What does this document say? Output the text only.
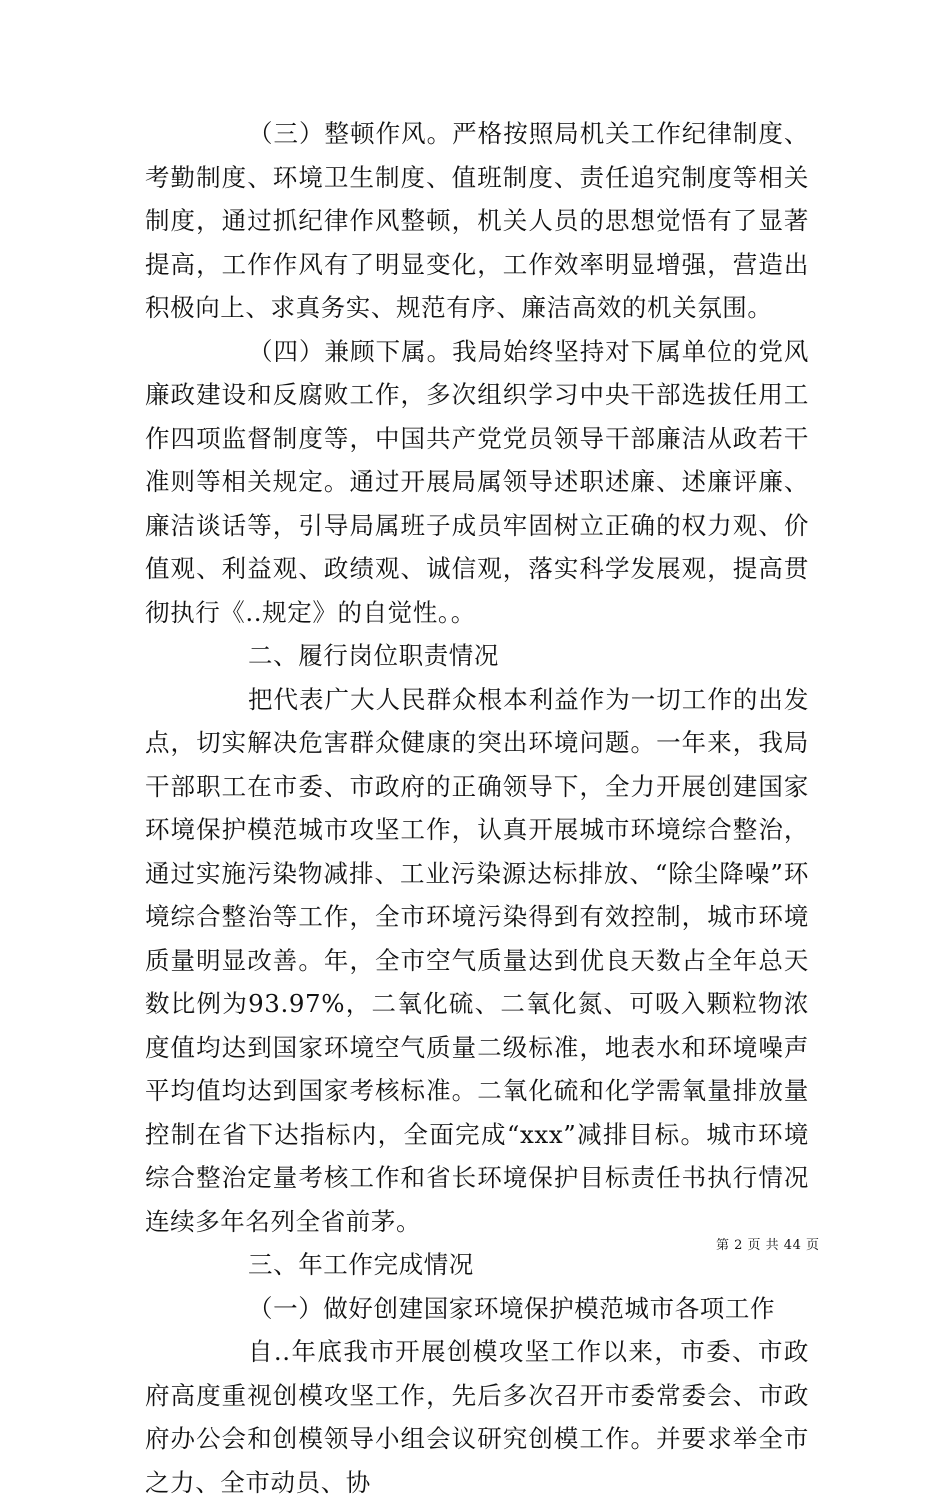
（三）整顿作风。严格按照局机关工作纪律制度、考勤制度、环境卫生制度、值班制度、责任追究制度等相关制度，通过抓纪律作风整顿，机关人员的思想觉悟有了显著提高，工作作风有了明显变化，工作效率明显增强，营造出积极向上、求真务实、规范有序、廉洁高效的机关氛围。

（四）兼顾下属。我局始终坚持对下属单位的党风廉政建设和反腐败工作，多次组织学习中央干部选拔任用工作四项监督制度等，中国共产党党员领导干部廉洁从政若干准则等相关规定。通过开展局属领导述职述廉、述廉评廉、廉洁谈话等，引导局属班子成员牢固树立正确的权力观、价值观、利益观、政绩观、诚信观，落实科学发展观，提高贯彻执行《..规定》的自觉性。。

二、履行岗位职责情况

把代表广大人民群众根本利益作为一切工作的出发点，切实解决危害群众健康的突出环境问题。一年来，我局干部职工在市委、市政府的正确领导下，全力开展创建国家环境保护模范城市攻坚工作，认真开展城市环境综合整治，通过实施污染物减排、工业污染源达标排放、“除尘降噪”环境综合整治等工作，全市环境污染得到有效控制，城市环境质量明显改善。年，全市空气质量达到优良天数占全年总天数比例为93.97%，二氧化硫、二氧化氮、可吸入颗粒物浓度值均达到国家环境空气质量二级标准，地表水和环境噪声平均值均达到国家考核标准。二氧化硫和化学需氧量排放量控制在省下达指标内，全面完成“xxx”减排目标。城市环境综合整治定量考核工作和省长环境保护目标责任书执行情况连续多年名列全省前茅。

三、年工作完成情况

（一）做好创建国家环境保护模范城市各项工作

自..年底我市开展创模攻坚工作以来，市委、市政府高度重视创模攻坚工作，先后多次召开市委常委会、市政府办公会和创模领导小组会议研究创模工作。并要求举全市之力、全市动员、协

第 2 页 共 44 页
